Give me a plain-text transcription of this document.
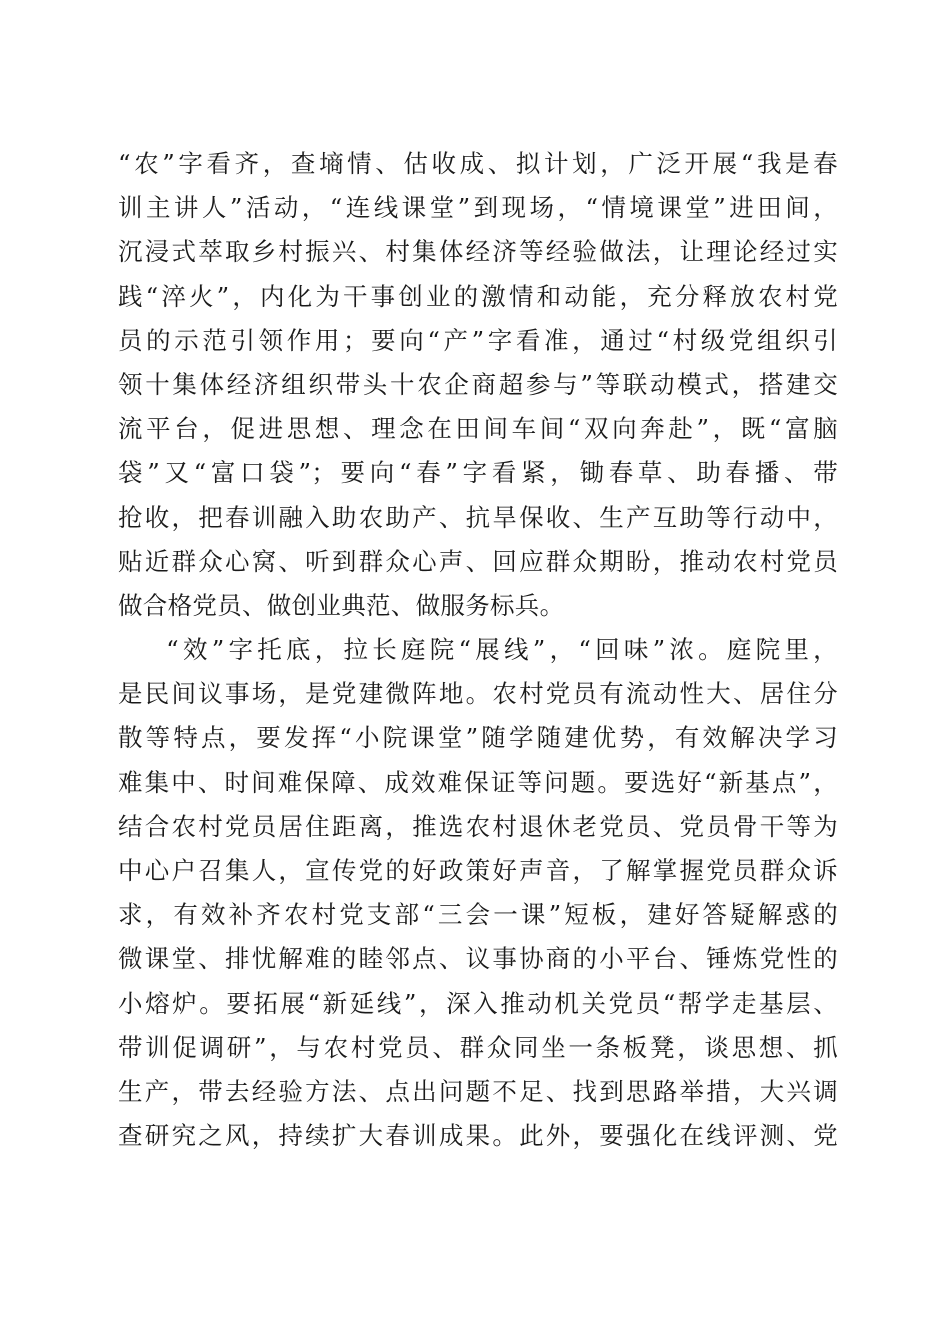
“农”字看齐，查墒情、估收成、拟计划，广泛开展“我是春
训主讲人”活动，“连线课堂”到现场，“情境课堂”进田间，
沉浸式萃取乡村振兴、村集体经济等经验做法，让理论经过实
践“淬火”，内化为干事创业的激情和动能，充分释放农村党
员的示范引领作用；要向“产”字看准，通过“村级党组织引
领十集体经济组织带头十农企商超参与”等联动模式，搭建交
流平台，促进思想、理念在田间车间“双向奔赴”，既“富脑
袋”又“富口袋”；要向“春”字看紧，锄春草、助春播、带
抢收，把春训融入助农助产、抗旱保收、生产互助等行动中，
贴近群众心窝、听到群众心声、回应群众期盼，推动农村党员
做合格党员、做创业典范、做服务标兵。
“效”字托底，拉长庭院“展线”，“回味”浓。庭院里，
是民间议事场，是党建微阵地。农村党员有流动性大、居住分
散等特点，要发挥“小院课堂”随学随建优势，有效解决学习
难集中、时间难保障、成效难保证等问题。要选好“新基点”，
结合农村党员居住距离，推选农村退休老党员、党员骨干等为
中心户召集人，宣传党的好政策好声音，了解掌握党员群众诉
求，有效补齐农村党支部“三会一课”短板，建好答疑解惑的
微课堂、排忧解难的睦邻点、议事协商的小平台、锤炼党性的
小熔炉。要拓展“新延线”，深入推动机关党员“帮学走基层、
带训促调研”，与农村党员、群众同坐一条板凳，谈思想、抓
生产，带去经验方法、点出问题不足、找到思路举措，大兴调
查研究之风，持续扩大春训成果。此外，要强化在线评测、党
